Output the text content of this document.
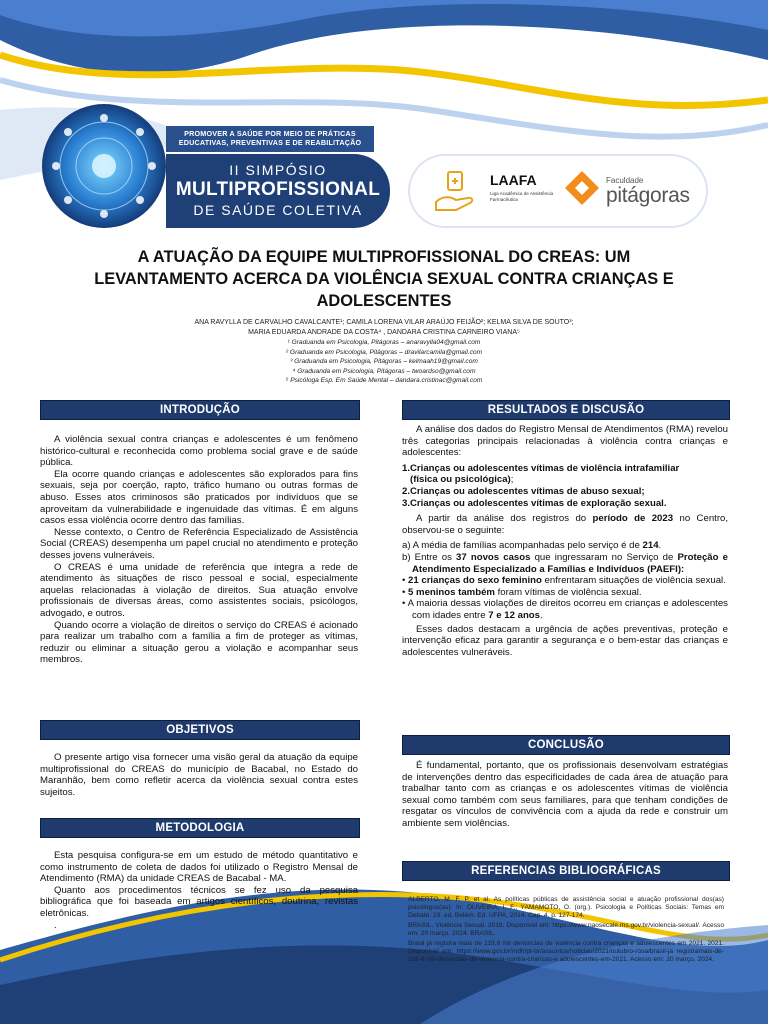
PROMOVER A SAÚDE POR MEIO DE PRÁTICAS
EDUCATIVAS, PREVENTIVAS E DE REABILITAÇÃO
II SIMPÓSIO
MULTIPROFISSIONAL
DE SAÚDE COLETIVA
LAAFA
Liga Acadêmica de Assistência Farmacêutica
Faculdade
pitágoras
A ATUAÇÃO DA EQUIPE MULTIPROFISSIONAL DO CREAS: UM
LEVANTAMENTO ACERCA DA VIOLÊNCIA SEXUAL CONTRA CRIANÇAS E
ADOLESCENTES
ANA RAVYLLA DE CARVALHO CAVALCANTE¹; CAMILA LORENA VILAR ARAÚJO FEIJÃO²; KELMA SILVA DE SOUTO³;
MARIA EDUARDA ANDRADE DA COSTA⁴ , DANDARA CRISTINA CARNEIRO VIANA⁵
¹ Graduanda em Psicologia, Pitágoras – anaravylla04@gmail.com
² Graduanda em Psicologia, Pitágoras – dravilarcamila@gmail.com
³ Graduanda em Psicologia, Pitágoras – kelmaah19@gmail.com
⁴ Graduanda em Psicologia, Pitágoras – twoardso@gmail.com
⁵ Psicóloga Esp. Em Saúde Mental – dandara.cristinac@gmail.com
INTRODUÇÃO

A violência sexual contra crianças e adolescentes é um fenômeno histórico-cultural e reconhecida como problema social grave e de saúde pública.

Ela ocorre quando crianças e adolescentes são explorados para fins sexuais, seja por coerção, rapto, tráfico humano ou outras formas de abuso. Esses atos criminosos são praticados por indivíduos que se aproveitam da vulnerabilidade e ingenuidade das vítimas. É em alguns casos essa violência ocorre dentro das famílias.

Nesse contexto, o Centro de Referência Especializado de Assistência Social (CREAS) desempenha um papel crucial no atendimento e proteção desses jovens vulneráveis.

O CREAS é uma unidade de referência que integra a rede de atendimento às situações de risco pessoal e social, especialmente aquelas relacionadas à violação de direitos. Sua atuação envolve profissionais de diversas áreas, como assistentes sociais, psicólogos, advogado, e outros.

Quando ocorre a violação de direitos o serviço do CREAS é acionado para realizar um trabalho com a família a fim de proteger as vítimas, reduzir ou eliminar a situação gerou a violação e acompanhar seus membros.

OBJETIVOS

O presente artigo visa fornecer uma visão geral da atuação da equipe multiprofissional do CREAS do município de Bacabal, no Estado do Maranhão, bem como refletir acerca da violência sexual contra estes sujeitos.

METODOLOGIA

Esta pesquisa configura-se em um estudo de método quantitativo e como instrumento de coleta de dados foi utilizado o Registro Mensal de Atendimento (RMA) da unidade CREAS de Bacabal - MA.

Quanto aos procedimentos técnicos se fez uso da pesquisa bibliográfica que foi baseada em artigos científicos, doutrina, revistas eletrônicas.

.

RESULTADOS E DISCUSÃO

A análise dos dados do Registro Mensal de Atendimentos (RMA) revelou três categorias principais relacionadas à violência contra crianças e adolescentes:

1.Crianças ou adolescentes vítimas de violência intrafamiliar

(física ou psicológica);

2.Crianças ou adolescentes vítimas de abuso sexual;

3.Crianças ou adolescentes vítimas de exploração sexual.

A partir da análise dos registros do período de 2023 no Centro, observou-se o seguinte:

a) A média de famílias acompanhadas pelo serviço é de 214.

b) Entre os 37 novos casos que ingressaram no Serviço de Proteção e Atendimento Especializado a Famílias e Indivíduos (PAEFI):

• 21 crianças do sexo feminino enfrentaram situações de violência sexual.
• 5 meninos também foram vítimas de violência sexual.
• A maioria dessas violações de direitos ocorreu em crianças e adolescentes com idades entre 7 e 12 anos.

Esses dados destacam a urgência de ações preventivas, proteção e intervenção eficaz para garantir a segurança e o bem-estar das crianças e adolescentes vulneráveis.

CONCLUSÃO

É fundamental, portanto, que os profissionais desenvolvam estratégias de intervenções dentro das especificidades de cada área de atuação para trabalhar tanto com as crianças e os adolescentes vítimas de violência sexual como também com seus familiares, para que tenham condições de resgatar os vínculos de convivência com a ajuda da rede e construir um ambiente sem violências.

REFERENCIAS BIBLIOGRÁFICAS

ALBERTO, M. F. P. et al. As políticas públicas de assistência social e atuação profissional dos(as) psicólogos(as). In: OLIVEIRA, I. F.; YAMAMOTO, O. (org.). Psicologia e Políticas Sociais: Temas em Debate. 23. ed. Belém: Ed. UFPA, 2014. Cap. 4, p. 127-174.

BRASIL. Violência Sexual. 2018. Disponível em: https://www.naosecale.ms.gov.br/violencia-sexual/. Acesso em: 20 março. 2024. BRASIL.

Brasil já registra mais de 119,8 mil denúncias de violência contra crianças e adolescentes em 2021. 2021. Disponível em: https://www.gov.br/mdh/pt-br/assuntos/noticias/2021/outubro-rosa/brasil-ja registramais-de-119-8-mil-denuncias-de-violencia-contra-criancas-e adolescentes-em-2021. Acesso em: 20 março. 2024.
